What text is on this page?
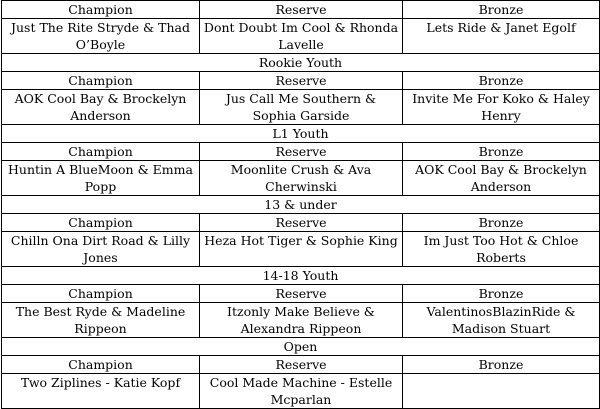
Champion	Reserve	Bronze
Just The Rite Stryde & Thad O’Boyle	Dont Doubt Im Cool & Rhonda Lavelle	Lets Ride & Janet Egolf
Rookie Youth		
Champion	Reserve	Bronze
AOK Cool Bay & Brockelyn Anderson	Jus Call Me Southern & Sophia Garside	Invite Me For Koko & Haley Henry
L1 Youth		
Champion	Reserve	Bronze
Huntin A BlueMoon & Emma Popp	Moonlite Crush & Ava Cherwinski	AOK Cool Bay & Brockelyn Anderson
13 & under		
Champion	Reserve	Bronze
Chilln Ona Dirt Road & Lilly Jones	Heza Hot Tiger & Sophie King	Im Just Too Hot & Chloe Roberts
14-18 Youth		
Champion	Reserve	Bronze
The Best Ryde & Madeline Rippeon	Itzonly Make Believe & Alexandra Rippeon	ValentinosBlazinRide & Madison Stuart
Open		
Champion	Reserve	Bronze
Two Ziplines - Katie Kopf	Cool Made Machine - Estelle Mcparlan	
